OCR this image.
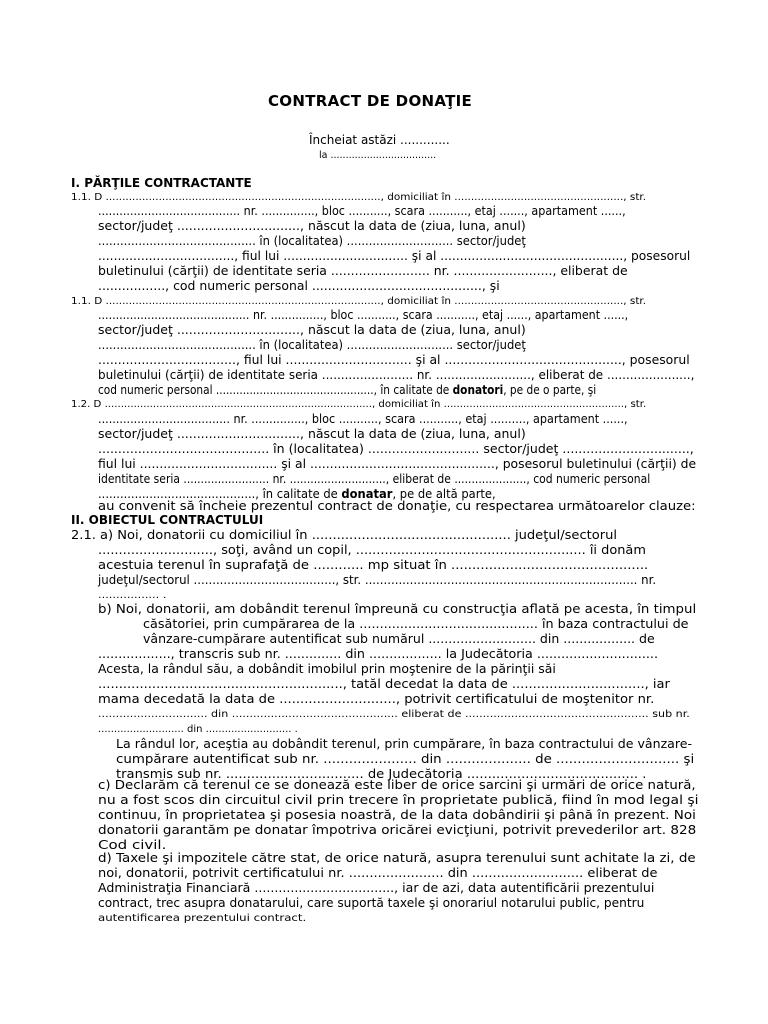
CONTRACT DE DONAŢIE
Încheiat astăzi .............
la ...................................
I. PĂRŢILE CONTRACTANTE
II. OBIECTUL CONTRACTULUI
1.1. D ..................................................................................., domiciliat în ..................................................., str.
........................................ nr. ..............., bloc ..........., scara ..........., etaj ......., apartament ......,
sector/judeţ ..............................., născut la data de (ziua, luna, anul)
........................................... în (localitatea) ............................. sector/judeţ
..................................., fiul lui ................................ şi al ..............................................., posesorul
buletinului (cărţii) de identitate seria ......................... nr. ........................., eliberat de
................., cod numeric personal ..........................................., şi
1.1. D ..................................................................................., domiciliat în ..................................................., str.
........................................... nr. ..............., bloc ..........., scara ..........., etaj ......, apartament ......,
sector/judeţ ..............................., născut la data de (ziua, luna, anul)
........................................... în (localitatea) ............................. sector/judeţ
..................................., fiul lui ................................ şi al ............................................., posesorul
buletinului (cărţii) de identitate seria ........................ nr. ........................., eliberat de ......................,
cod numeric personal ..............................................., în calitate de donatori, pe de o parte, şi
1.2. D ..................................................................................., domiciliat în ........................................................, str.
..................................... nr. ..............., bloc ..........., scara ..........., etaj .........., apartament ......,
sector/judeţ ..............................., născut la data de (ziua, luna, anul)
........................................... în (localitatea) ............................ sector/judeţ ................................,
fiul lui ................................... şi al ..............................................., posesorul buletinului (cărţii) de
identitate seria ......................... nr. ............................, eliberat de ....................., cod numeric personal
..........................................., în calitate de donatar, pe de altă parte,
au convenit să încheie prezentul contract de donaţie, cu respectarea următoarelor clauze:
2.1. a) Noi, donatorii cu domiciliul în ................................................ judeţul/sectorul
............................, soţi, având un copil, ........................................................ îi donăm
acestuia terenul în suprafaţă de ............ mp situat în ...............................................
judeţul/sectorul ......................................, str. ......................................................................... nr.
................. .
b) Noi, donatorii, am dobândit terenul împreună cu construcţia aflată pe acesta, în timpul
căsătoriei, prin cumpărarea de la ............................................ în baza contractului de
vânzare-cumpărare autentificat sub numărul ........................... din .................. de
.................., transcris sub nr. .............. din .................. la Judecătoria ..............................
Acesta, la rândul său, a dobândit imobilul prin moştenire de la părinţii săi
..........................................................., tatăl decedat la data de ................................, iar
mama decedată la data de ............................, potrivit certificatului de moştenitor nr.
............................... din ............................................... eliberat de .................................................... sub nr.
........................... din ........................... .
La rândul lor, aceştia au dobândit terenul, prin cumpărare, în baza contractului de vânzare-
cumpărare autentificat sub nr. ...................... din .................... de ............................. şi
transmis sub nr. ................................. de Judecătoria ......................................... .
c) Declarăm că terenul ce se donează este liber de orice sarcini şi urmări de orice natură,
nu a fost scos din circuitul civil prin trecere în proprietate publică, fiind în mod legal şi
continuu, în proprietatea şi posesia noastră, de la data dobândirii şi până în prezent. Noi
donatorii garantăm pe donatar împotriva oricărei evicţiuni, potrivit prevederilor art. 828
Cod civil.
d) Taxele şi impozitele către stat, de orice natură, asupra terenului sunt achitate la zi, de
noi, donatorii, potrivit certificatului nr. ....................... din ........................... eliberat de
Administraţia Financiară ..................................., iar de azi, data autentificării prezentului
contract, trec asupra donatarului, care suportă taxele şi onorariul notarului public, pentru
autentificarea prezentului contract.
